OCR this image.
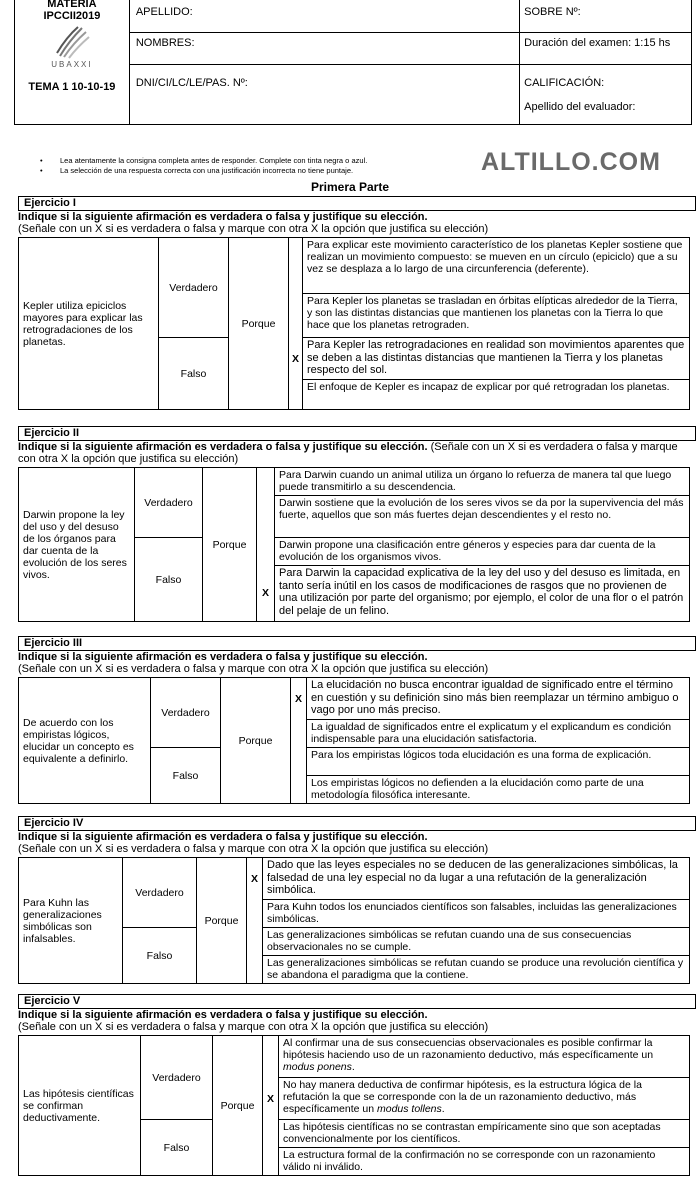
MATERIA
IPCCII2019
UBAXXI
TEMA 1 10-10-19	APELLIDO:	SOBRE Nº:
	NOMBRES:	Duración del examen: 1:15 hs
	DNI/CI/LC/LE/PAS. Nº:	CALIFICACIÓN:
Apellido del evaluador:
• Lea atentamente la consigna completa antes de responder. Complete con tinta negra o azul.
• La selección de una respuesta correcta con una justificación incorrecta no tiene puntaje.	ALTILLO.COM
Primera Parte
Ejercicio I
Indique si la siguiente afirmación es verdadera o falsa y justifique su elección.
(Señale con un X si es verdadera o falsa y marque con otra X la opción que justifica su elección)
Kepler utiliza epiciclos mayores para explicar las retrogradaciones de los planetas.	Verdadero	Porque		Para explicar este movimiento característico de los planetas Kepler sostiene que realizan un movimiento compuesto: se mueven en un círculo (epiciclo) que a su vez se desplaza a lo largo de una circunferencia (deferente).
				Para Kepler los planetas se trasladan en órbitas elípticas alrededor de la Tierra, y son las distintas distancias que mantienen los planetas con la Tierra lo que hace que los planetas retrograden.
	Falso		X	Para Kepler las retrogradaciones en realidad son movimientos aparentes que se deben a las distintas distancias que mantienen la Tierra y los planetas respecto del sol.
				El enfoque de Kepler es incapaz de explicar por qué retrogradan los planetas.
Ejercicio II
Indique si la siguiente afirmación es verdadera o falsa y justifique su elección. (Señale con un X si es verdadera o falsa y marque con otra X la opción que justifica su elección)
Darwin propone la ley del uso y del desuso de los órganos para dar cuenta de la evolución de los seres vivos.	Verdadero	Porque		Para Darwin cuando un animal utiliza un órgano lo refuerza de manera tal que luego puede transmitirlo a su descendencia.
				Darwin sostiene que la evolución de los seres vivos se da por la supervivencia del más fuerte, aquellos que son más fuertes dejan descendientes y el resto no.
	Falso			Darwin propone una clasificación entre géneros y especies para dar cuenta de la evolución de los organismos vivos.
			X	Para Darwin la capacidad explicativa de la ley del uso y del desuso es limitada, en tanto sería inútil en los casos de modificaciones de rasgos que no provienen de una utilización por parte del organismo; por ejemplo, el color de una flor o el patrón del pelaje de un felino.
Ejercicio III
Indique si la siguiente afirmación es verdadera o falsa y justifique su elección.
(Señale con un X si es verdadera o falsa y marque con otra X la opción que justifica su elección)
De acuerdo con los empiristas lógicos, elucidar un concepto es equivalente a definirlo.	Verdadero	Porque	X	La elucidación no busca encontrar igualdad de significado entre el término en cuestión y su definición sino más bien reemplazar un término ambiguo o vago por uno más preciso.
				La igualdad de significados entre el explicatum y el explicandum es condición indispensable para una elucidación satisfactoria.
	Falso			Para los empiristas lógicos toda elucidación es una forma de explicación.
				Los empiristas lógicos no defienden a la elucidación como parte de una metodología filosófica interesante.
Ejercicio IV
Indique si la siguiente afirmación es verdadera o falsa y justifique su elección.
(Señale con un X si es verdadera o falsa y marque con otra X la opción que justifica su elección)
Para Kuhn las generalizaciones simbólicas son infalsables.	Verdadero	Porque	X	Dado que las leyes especiales no se deducen de las generalizaciones simbólicas, la falsedad de una ley especial no da lugar a una refutación de la generalización simbólica.
				Para Kuhn todos los enunciados científicos son falsables, incluidas las generalizaciones simbólicas.
	Falso			Las generalizaciones simbólicas se refutan cuando una de sus consecuencias observacionales no se cumple.
				Las generalizaciones simbólicas se refutan cuando se produce una revolución científica y se abandona el paradigma que la contiene.
Ejercicio V
Indique si la siguiente afirmación es verdadera o falsa y justifique su elección.
(Señale con un X si es verdadera o falsa y marque con otra X la opción que justifica su elección)
Las hipótesis científicas se confirman deductivamente.	Verdadero	Porque		Al confirmar una de sus consecuencias observacionales es posible confirmar la hipótesis haciendo uso de un razonamiento deductivo, más específicamente un modus ponens.
			X	No hay manera deductiva de confirmar hipótesis, es la estructura lógica de la refutación la que se corresponde con la de un razonamiento deductivo, más específicamente un modus tollens.
	Falso			Las hipótesis científicas no se contrastan empíricamente sino que son aceptadas convencionalmente por los científicos.
				La estructura formal de la confirmación no se corresponde con un razonamiento válido ni inválido.
